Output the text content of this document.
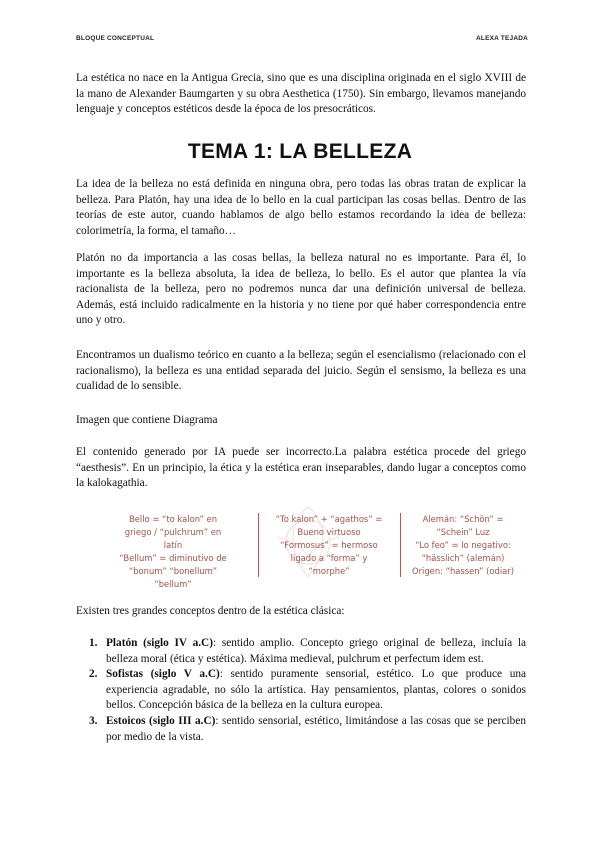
BLOQUE CONCEPTUAL	ALEXA TEJADA

La estética no nace en la Antigua Grecia, sino que es una disciplina originada en el siglo XVIII de la mano de Alexander Baumgarten y su obra Aesthetica (1750). Sin embargo, llevamos manejando lenguaje y conceptos estéticos desde la época de los presocráticos.

TEMA 1: LA BELLEZA

La idea de la belleza no está definida en ninguna obra, pero todas las obras tratan de explicar la belleza. Para Platón, hay una idea de lo bello en la cual participan las cosas bellas. Dentro de las teorías de este autor, cuando hablamos de algo bello estamos recordando la idea de belleza: colorimetría, la forma, el tamaño…

Platón no da importancia a las cosas bellas, la belleza natural no es importante. Para él, lo importante es la belleza absoluta, la idea de belleza, lo bello. Es el autor que plantea la vía racionalista de la belleza, pero no podremos nunca dar una definición universal de belleza. Además, está incluido radicalmente en la historia y no tiene por qué haber correspondencia entre uno y otro.

Encontramos un dualismo teórico en cuanto a la belleza; según el esencialismo (relacionado con el racionalismo), la belleza es una entidad separada del juicio. Según el sensismo, la belleza es una cualidad de lo sensible.

Imagen que contiene Diagrama

El contenido generado por IA puede ser incorrecto.La palabra estética procede del griego “aesthesis”. En un principio, la ética y la estética eran inseparables, dando lugar a conceptos como la kalokagathia.

Bello = “to kalon” en
griego / “pulchrum” en
latín
“Bellum” = diminutivo de
“bonum” “bonellum”
“bellum”
“To kalon” + “agathos” =
Bueno virtuoso
“Formosus” = hermoso
ligado a “forma” y
“morphe”
Alemán: “Schön” =
“Schein” Luz
“Lo feo” = lo negativo:
“hässlich” (alemán)
Origen: “hassen” (odiar)

Existen tres grandes conceptos dentro de la estética clásica:

1. Platón (siglo IV a.C): sentido amplio. Concepto griego original de belleza, incluía la belleza moral (ética y estética). Máxima medieval, pulchrum et perfectum idem est.
2. Sofistas (siglo V a.C): sentido puramente sensorial, estético. Lo que produce una experiencia agradable, no sólo la artística. Hay pensamientos, plantas, colores o sonidos bellos. Concepción básica de la belleza en la cultura europea.
3. Estoicos (siglo III a.C): sentido sensorial, estético, limitándose a las cosas que se perciben por medio de la vista.
